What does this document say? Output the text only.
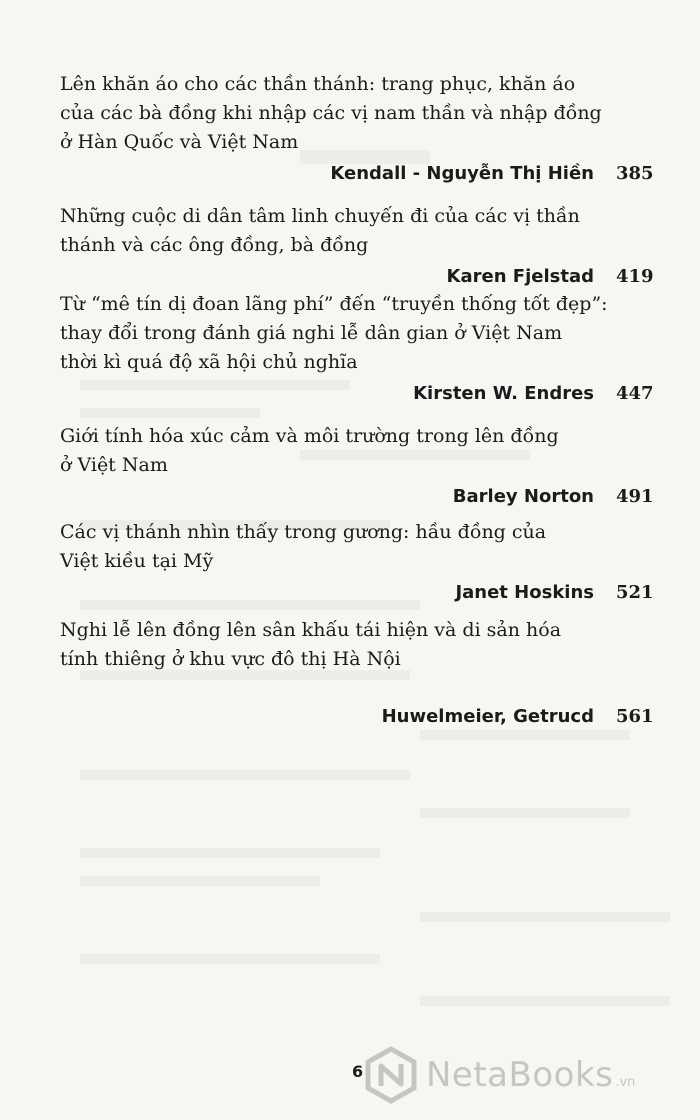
Lên khăn áo cho các thần thánh: trang phục, khăn áo
của các bà đồng khi nhập các vị nam thần và nhập đồng
ở Hàn Quốc và Việt Nam

Kendall - Nguyễn Thị Hiền 385

Những cuộc di dân tâm linh chuyến đi của các vị thần
thánh và các ông đồng, bà đồng

Karen Fjelstad 419

Từ “mê tín dị đoan lãng phí” đến “truyền thống tốt đẹp”:
thay đổi trong đánh giá nghi lễ dân gian ở Việt Nam
thời kì quá độ xã hội chủ nghĩa

Kirsten W. Endres 447

Giới tính hóa xúc cảm và môi trường trong lên đồng
ở Việt Nam

Barley Norton 491

Các vị thánh nhìn thấy trong gương: hầu đồng của
Việt kiều tại Mỹ

Janet Hoskins 521

Nghi lễ lên đồng lên sân khấu tái hiện và di sản hóa
tính thiêng ở khu vực đô thị Hà Nội

Huwelmeier, Getrucd 561
6 NetaBooks .vn
